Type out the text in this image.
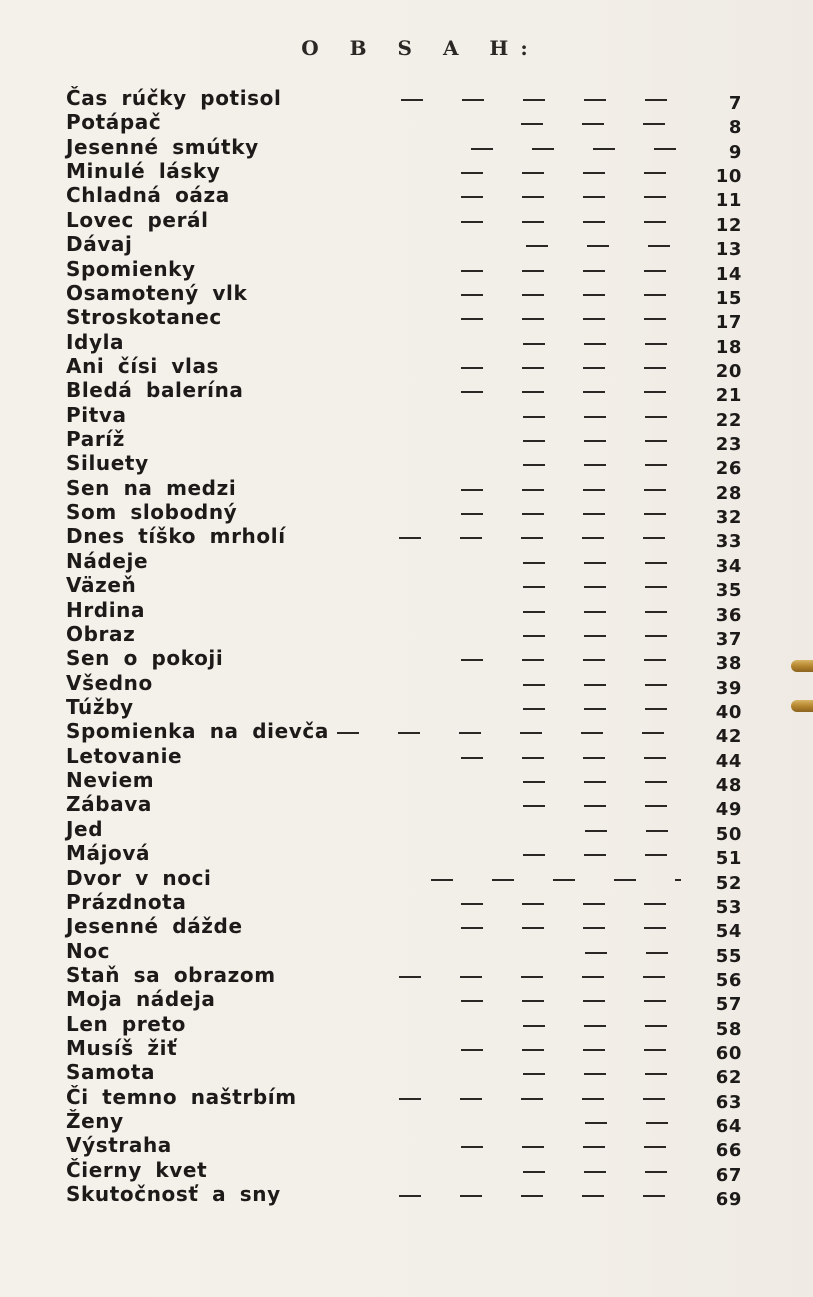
O B S A H:
Čas rúčky potisol	7
Potápač	8
Jesenné smútky	9
Minulé lásky	10
Chladná oáza	11
Lovec perál	12
Dávaj	13
Spomienky	14
Osamotený vlk	15
Stroskotanec	17
Idyla	18
Ani čísi vlas	20
Bledá balerína	21
Pitva	22
Paríž	23
Siluety	26
Sen na medzi	28
Som slobodný	32
Dnes tíško mrholí	33
Nádeje	34
Väzeň	35
Hrdina	36
Obraz	37
Sen o pokoji	38
Všedno	39
Túžby	40
Spomienka na dievča	42
Letovanie	44
Neviem	48
Zábava	49
Jed	50
Májová	51
Dvor v noci	52
Prázdnota	53
Jesenné dážde	54
Noc	55
Staň sa obrazom	56
Moja nádeja	57
Len preto	58
Musíš žiť	60
Samota	62
Či temno naštrbím	63
Ženy	64
Výstraha	66
Čierny kvet	67
Skutočnosť a sny	69
